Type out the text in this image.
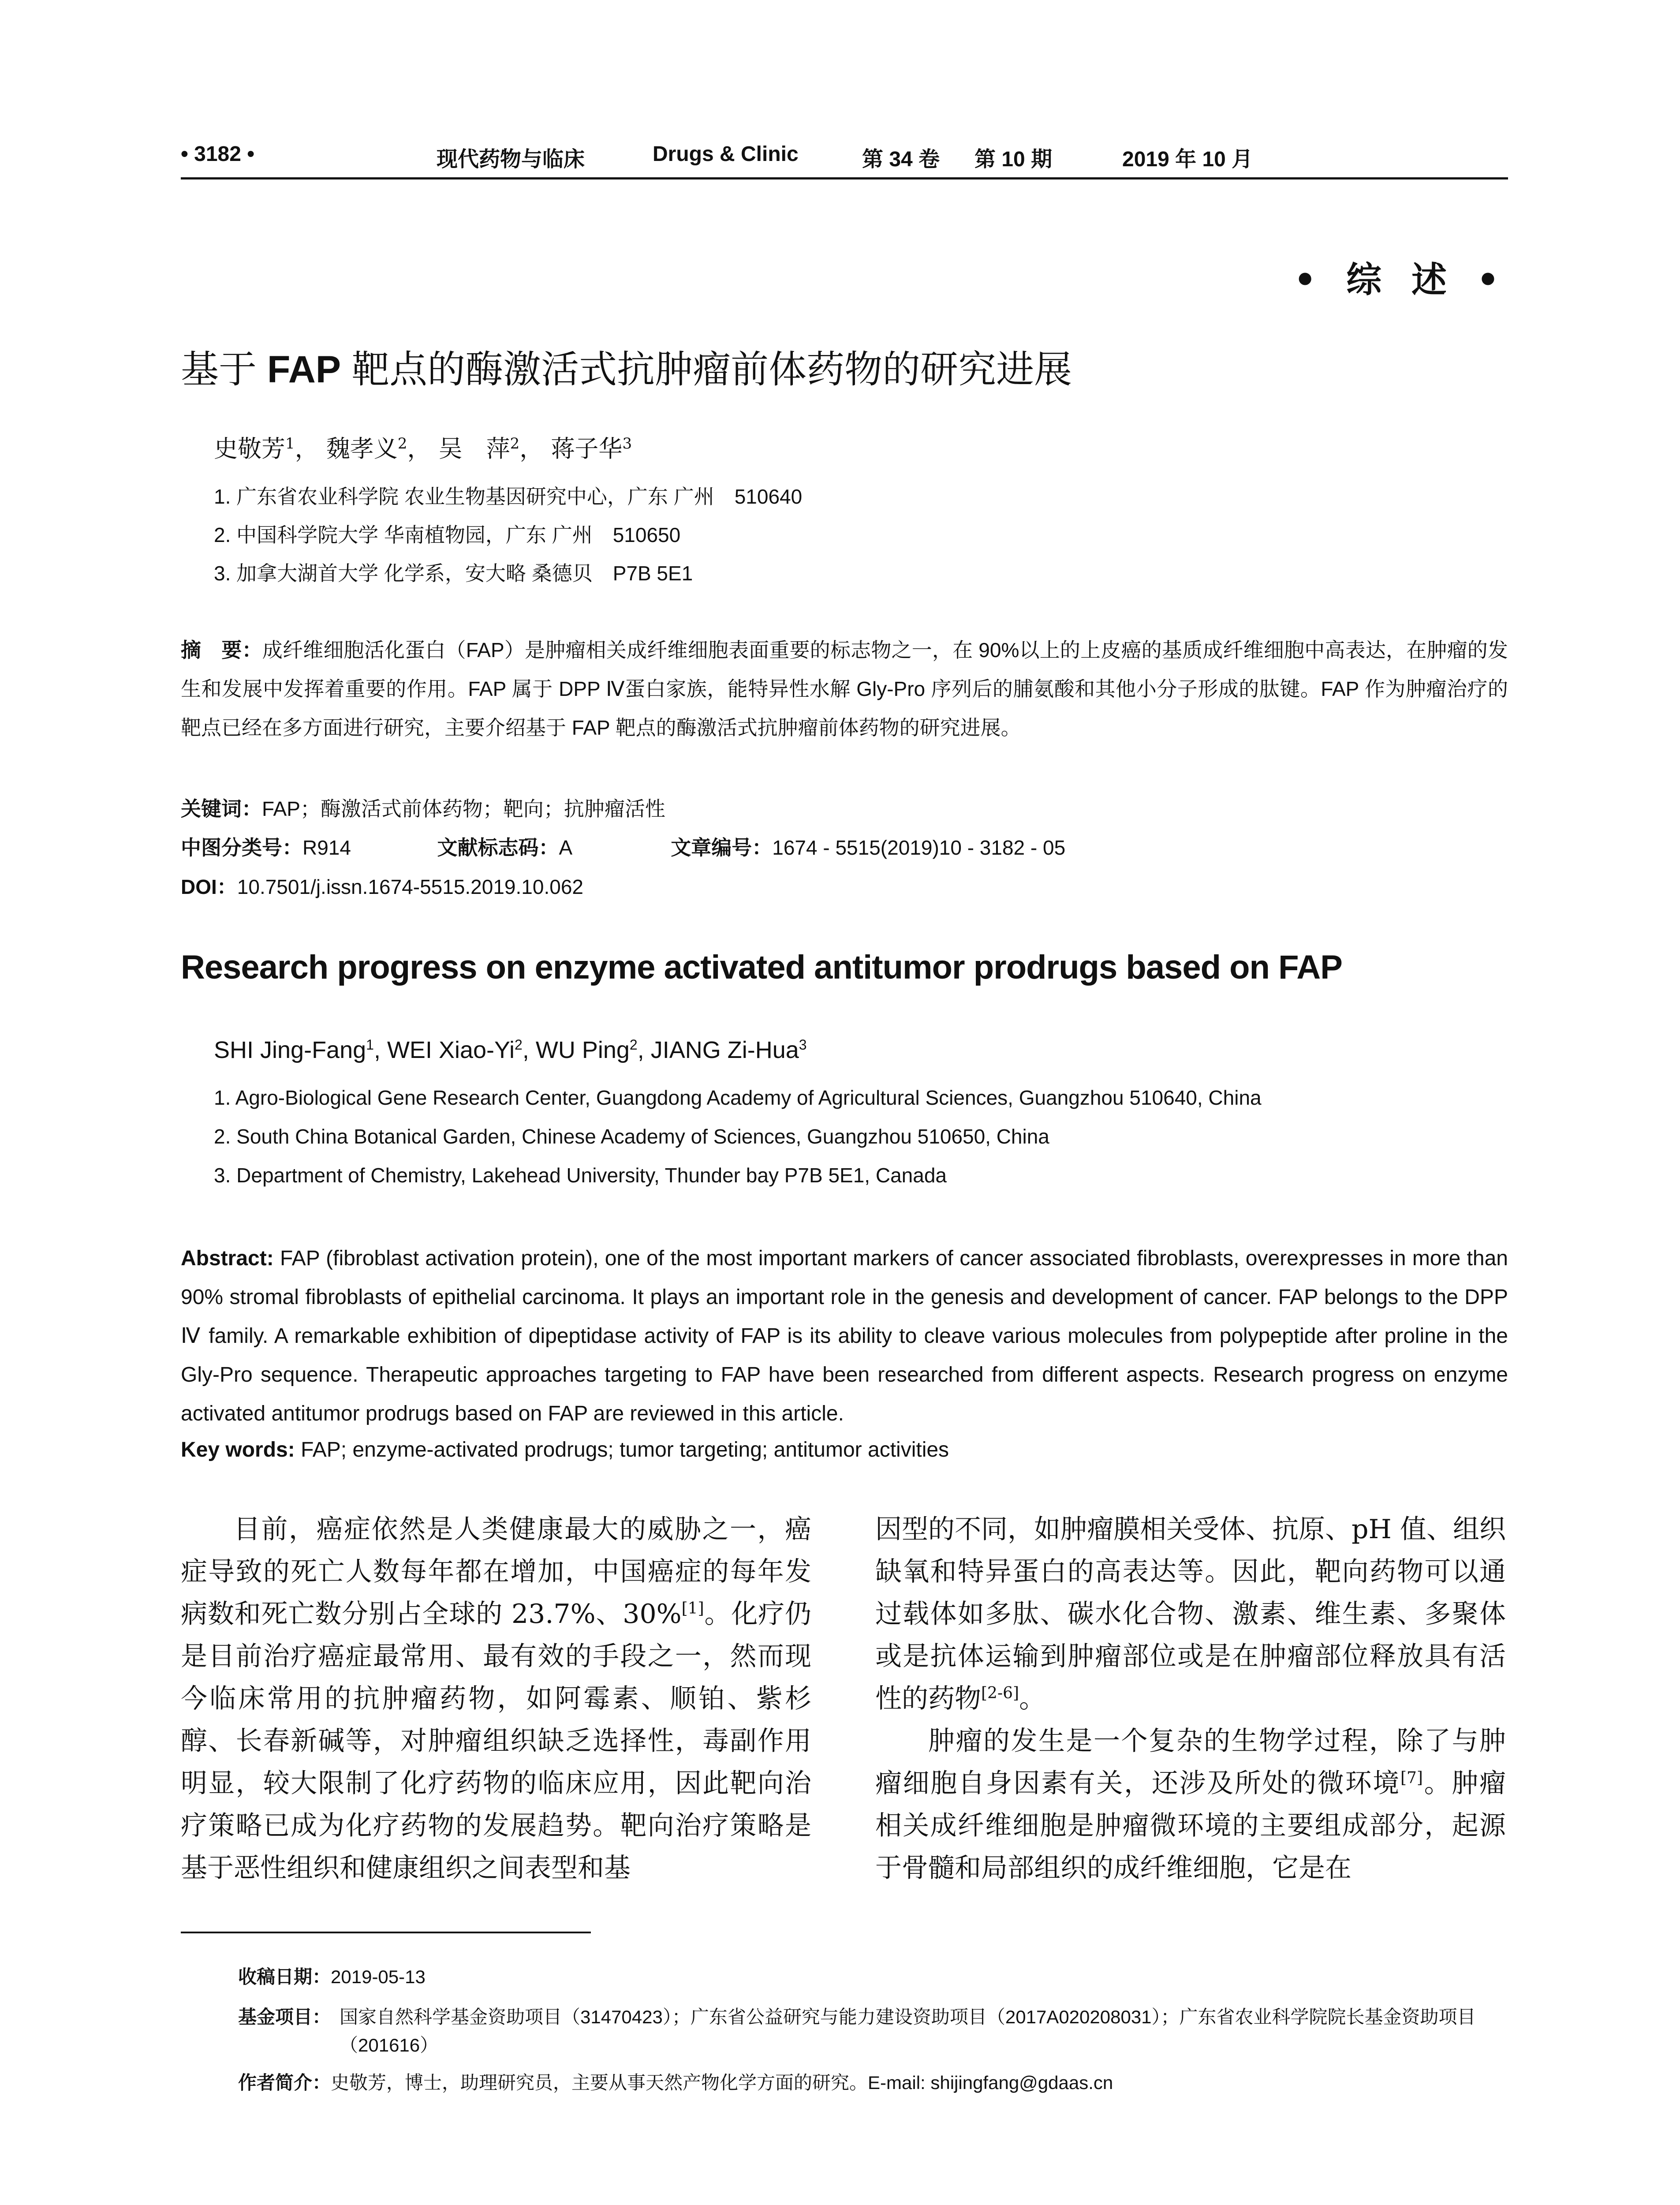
• 3182 •	现代药物与临床	Drugs & Clinic	第 34 卷 第 10 期	2019 年 10 月
• 综 述 •
基于 FAP 靶点的酶激活式抗肿瘤前体药物的研究进展
史敬芳$^1$， 魏孝义$^2$， 吴　萍$^2$， 蒋子华$^3$
1. 广东省农业科学院 农业生物基因研究中心，广东 广州　510640
2. 中国科学院大学 华南植物园，广东 广州　510650
3. 加拿大湖首大学 化学系，安大略 桑德贝　P7B 5E1
摘　要：成纤维细胞活化蛋白（FAP）是肿瘤相关成纤维细胞表面重要的标志物之一，在 90%以上的上皮癌的基质成纤维细胞中高表达，在肿瘤的发生和发展中发挥着重要的作用。FAP 属于 DPP Ⅳ蛋白家族，能特异性水解 Gly-Pro 序列后的脯氨酸和其他小分子形成的肽键。FAP 作为肿瘤治疗的靶点已经在多方面进行研究，主要介绍基于 FAP 靶点的酶激活式抗肿瘤前体药物的研究进展。
关键词：FAP；酶激活式前体药物；靶向；抗肿瘤活性
中图分类号：R914	文献标志码：A	文章编号：1674 - 5515(2019)10 - 3182 - 05
DOI：10.7501/j.issn.1674-5515.2019.10.062
Research progress on enzyme activated antitumor prodrugs based on FAP
SHI Jing-Fang$^1$, WEI Xiao-Yi$^2$, WU Ping$^2$, JIANG Zi-Hua$^3$
1. Agro-Biological Gene Research Center, Guangdong Academy of Agricultural Sciences, Guangzhou 510640, China
2. South China Botanical Garden, Chinese Academy of Sciences, Guangzhou 510650, China
3. Department of Chemistry, Lakehead University, Thunder bay P7B 5E1, Canada
Abstract: FAP (fibroblast activation protein), one of the most important markers of cancer associated fibroblasts, overexpresses in more than 90% stromal fibroblasts of epithelial carcinoma. It plays an important role in the genesis and development of cancer. FAP belongs to the DPP Ⅳ family. A remarkable exhibition of dipeptidase activity of FAP is its ability to cleave various molecules from polypeptide after proline in the Gly-Pro sequence. Therapeutic approaches targeting to FAP have been researched from different aspects. Research progress on enzyme activated antitumor prodrugs based on FAP are reviewed in this article.
Key words: FAP; enzyme-activated prodrugs; tumor targeting; antitumor activities

目前，癌症依然是人类健康最大的威胁之一，癌症导致的死亡人数每年都在增加，中国癌症的每年发病数和死亡数分别占全球的 23.7%、30%[1]。化疗仍是目前治疗癌症最常用、最有效的手段之一，然而现今临床常用的抗肿瘤药物，如阿霉素、顺铂、紫杉醇、长春新碱等，对肿瘤组织缺乏选择性，毒副作用明显，较大限制了化疗药物的临床应用，因此靶向治疗策略已成为化疗药物的发展趋势。靶向治疗策略是基于恶性组织和健康组织之间表型和基

因型的不同，如肿瘤膜相关受体、抗原、pH 值、组织缺氧和特异蛋白的高表达等。因此，靶向药物可以通过载体如多肽、碳水化合物、激素、维生素、多聚体或是抗体运输到肿瘤部位或是在肿瘤部位释放具有活性的药物[2-6]。

肿瘤的发生是一个复杂的生物学过程，除了与肿瘤细胞自身因素有关，还涉及所处的微环境[7]。肿瘤相关成纤维细胞是肿瘤微环境的主要组成部分，起源于骨髓和局部组织的成纤维细胞，它是在

收稿日期：2019-05-13
基金项目： 国家自然科学基金资助项目（31470423）；广东省公益研究与能力建设资助项目（2017A020208031）；广东省农业科学院院长基金资助项目（201616）
作者简介：史敬芳，博士，助理研究员，主要从事天然产物化学方面的研究。E-mail: shijingfang@gdaas.cn
